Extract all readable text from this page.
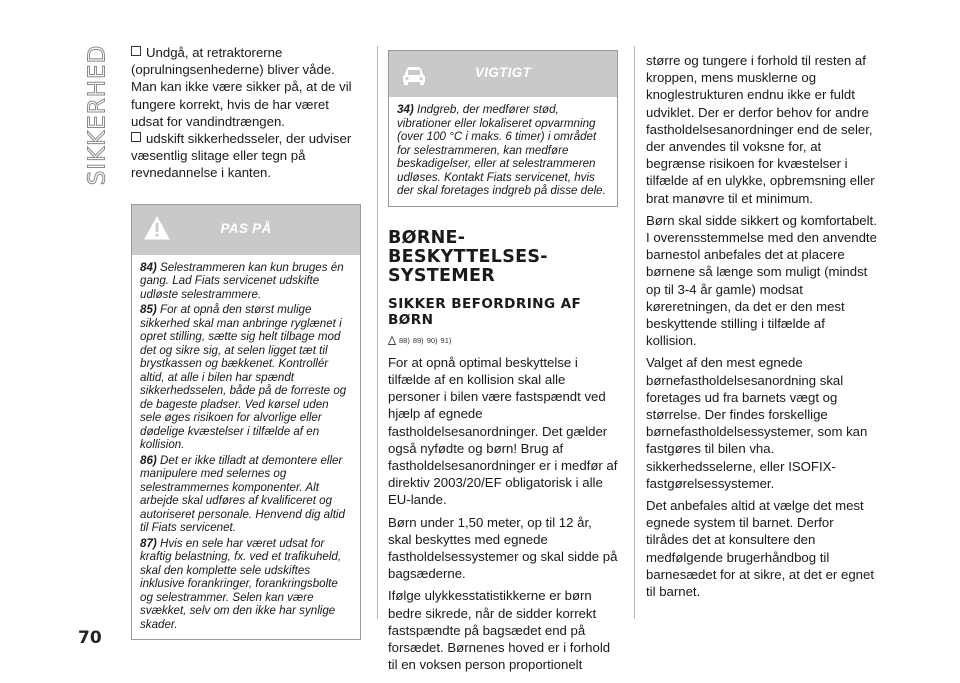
SIKKERHED
70

Undgå, at retraktorerne (oprulningsenhederne) bliver våde.

Man kan ikke være sikker på, at de vil fungere korrekt, hvis de har været udsat for vandindtrængen.

udskift sikkerhedsseler, der udviser væsentlig slitage eller tegn på revnedannelse i kanten.

PAS PÅ

84) Selestrammeren kan kun bruges én gang. Lad Fiats servicenet udskifte udløste selestrammere.

85) For at opnå den størst mulige sikkerhed skal man anbringe ryglænet i opret stilling, sætte sig helt tilbage mod det og sikre sig, at selen ligget tæt til brystkassen og bækkenet. Kontrollér altid, at alle i bilen har spændt sikkerhedsselen, både på de forreste og de bageste pladser. Ved kørsel uden sele øges risikoen for alvorlige eller dødelige kvæstelser i tilfælde af en kollision.

86) Det er ikke tilladt at demontere eller manipulere med selernes og selestrammernes komponenter. Alt arbejde skal udføres af kvalificeret og autoriseret personale. Henvend dig altid til Fiats servicenet.

87) Hvis en sele har været udsat for kraftig belastning, fx. ved et trafikuheld, skal den komplette sele udskiftes inklusive forankringer, forankringsbolte og selestrammer. Selen kan være svækket, selv om den ikke har synlige skader.

VIGTIGT

34) Indgreb, der medfører stød, vibrationer eller lokaliseret opvarmning (over 100 °C i maks. 6 timer) i området for selestrammeren, kan medføre beskadigelser, eller at selestrammeren udløses. Kontakt Fiats servicenet, hvis der skal foretages indgreb på disse dele.

BØRNE-BESKYTTELSES-SYSTEMER
SIKKER BEFORDRING AF BØRN
88) 89) 90) 91)

For at opnå optimal beskyttelse i tilfælde af en kollision skal alle personer i bilen være fastspændt ved hjælp af egnede fastholdelsesanordninger. Det gælder også nyfødte og børn! Brug af fastholdelsesanordninger er i medfør af direktiv 2003/20/EF obligatorisk i alle EU-lande.

Børn under 1,50 meter, op til 12 år, skal beskyttes med egnede fastholdelsessystemer og skal sidde på bagsæderne.

Ifølge ulykkesstatistikkerne er børn bedre sikrede, når de sidder korrekt fastspændte på bagsædet end på forsædet. Børnenes hoved er i forhold til en voksen person proportionelt

større og tungere i forhold til resten af kroppen, mens musklerne og knoglestrukturen endnu ikke er fuldt udviklet. Der er derfor behov for andre fastholdelsesanordninger end de seler, der anvendes til voksne for, at begrænse risikoen for kvæstelser i tilfælde af en ulykke, opbremsning eller brat manøvre til et minimum.

Børn skal sidde sikkert og komfortabelt. I overensstemmelse med den anvendte barnestol anbefales det at placere børnene så længe som muligt (mindst op til 3-4 år gamle) modsat køreretningen, da det er den mest beskyttende stilling i tilfælde af kollision.

Valget af den mest egnede børnefastholdelsesanordning skal foretages ud fra barnets vægt og størrelse. Der findes forskellige børnefastholdelsessystemer, som kan fastgøres til bilen vha. sikkerhedsselerne, eller ISOFIX-fastgørelsessystemer.

Det anbefales altid at vælge det mest egnede system til barnet. Derfor tilrådes det at konsultere den medfølgende brugerhåndbog til barnesædet for at sikre, at det er egnet til barnet.
